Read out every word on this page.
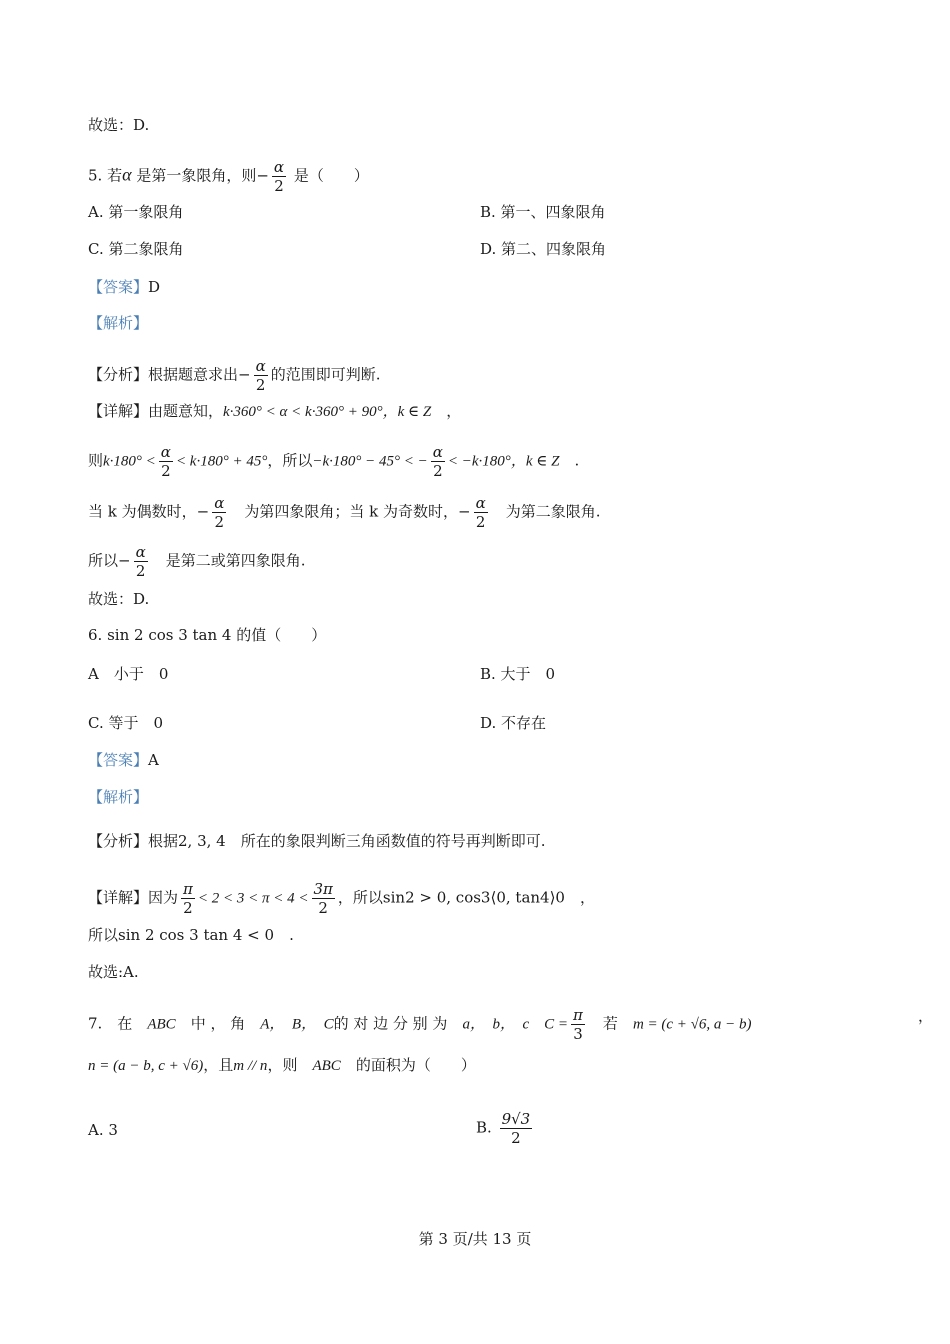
故选：D.
5. 若α 是第一象限角，则− $\frac{\alpha}{2}$ 是（　　）
A. 第一象限角	B. 第一、四象限角
C. 第二象限角	D. 第二、四象限角
【答案】D
【解析】
【分析】根据题意求出− $\frac{\alpha}{2}$ 的范围即可判断.
【详解】由题意知，k·360° < α < k·360° + 90°，k ∈ Z　 ，
则$k\cdot 180^\circ < \frac{\alpha}{2} < k\cdot 180^\circ + 45^\circ$，所以−k·180° − 45° < − $\frac{\alpha}{2} < -k\cdot 180^\circ$，k ∈ Z　 .
当 k 为偶数时，− $\frac{\alpha}{2}$
　 为第四象限角；当 k 为奇数时，− $\frac{\alpha}{2}$
　 为第二象限角.
所以− $\frac{\alpha}{2}$
　 是第二或第四象限角.
故选：D.
6. sin 2 cos 3 tan 4 的值（　　）
A　小于　0	B. 大于　0
C. 等于　0	D. 不存在
【答案】A
【解析】
【分析】根据2, 3, 4　 所在的象限判断三角函数值的符号再判断即可.
【详解】因为 $\frac{\pi}{2} < 2 < 3 < \pi < 4 < \frac{3\pi}{2}$ ，所以sin2 > 0, cos3⟨0, tan4⟩0　 ，
所以sin 2 cos 3 tan 4 < 0　 .
故选:A.
7.　在　 ABC　 中 ， 角　 A，　B，　C的 对 边 分 别 为　 a，　b，　c　 $C = \frac{\pi}{3}$
　 若　 m = (c + √6, a − b)	，
n = (a − b, c + √6)，且m // n，则　 ABC　 的面积为（　　）
A. 3	B. $\frac{9√3}{2}$
第 3 页/共 13 页
